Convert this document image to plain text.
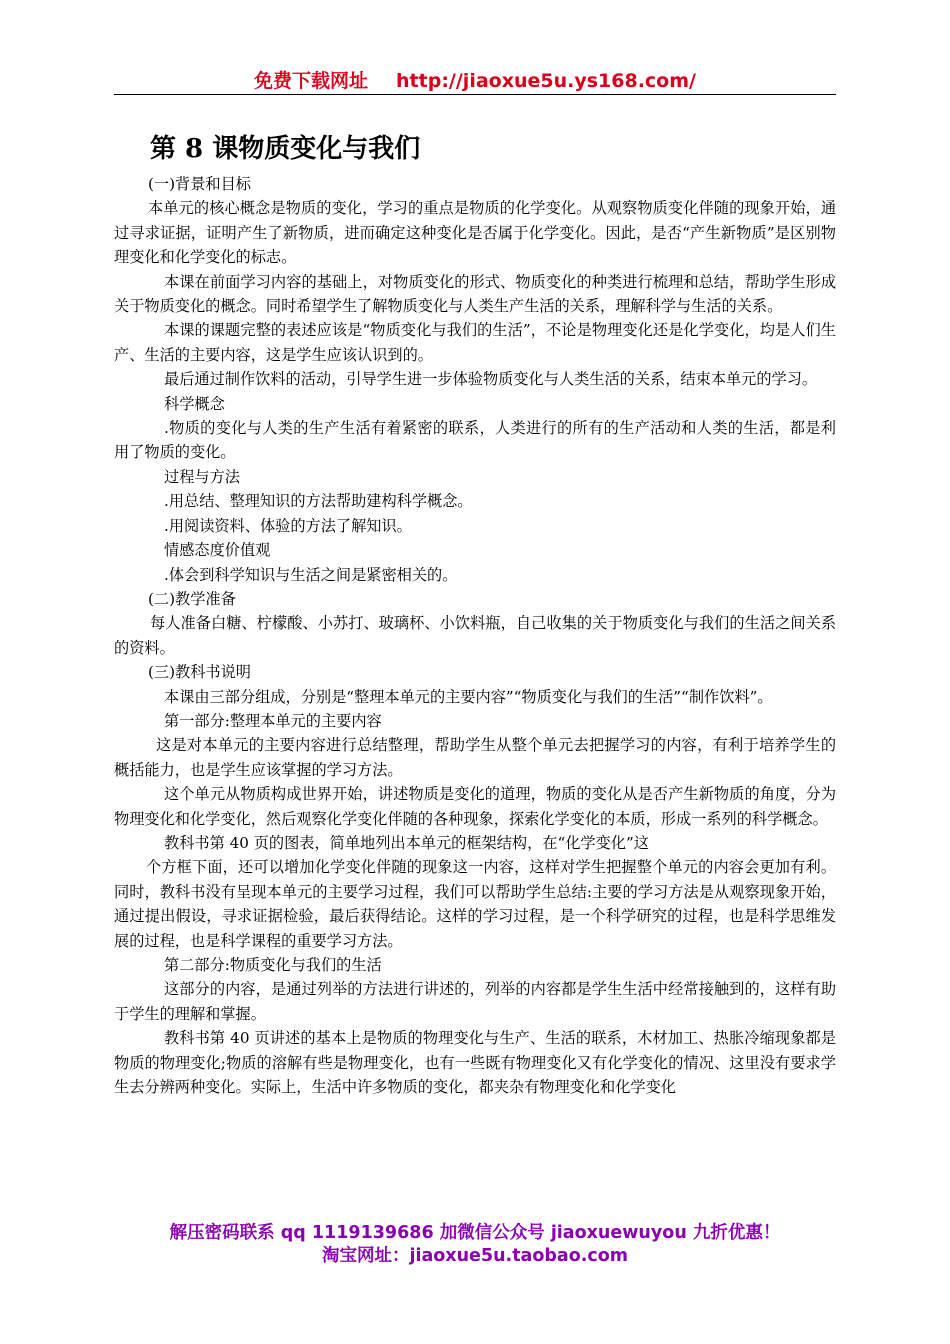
免费下载网址 http://jiaoxue5u.ys168.com/
第 8 课物质变化与我们

(一)背景和目标

本单元的核心概念是物质的变化，学习的重点是物质的化学变化。从观察物质变化伴随的现象开始，通过寻求证据，证明产生了新物质，进而确定这种变化是否属于化学变化。因此，是否“产生新物质”是区别物理变化和化学变化的标志。

本课在前面学习内容的基础上，对物质变化的形式、物质变化的种类进行梳理和总结，帮助学生形成关于物质变化的概念。同时希望学生了解物质变化与人类生产生活的关系，理解科学与生活的关系。

本课的课题完整的表述应该是“物质变化与我们的生活”，不论是物理变化还是化学变化，均是人们生产、生活的主要内容，这是学生应该认识到的。

最后通过制作饮料的活动，引导学生进一步体验物质变化与人类生活的关系，结束本单元的学习。

科学概念

.物质的变化与人类的生产生活有着紧密的联系，人类进行的所有的生产活动和人类的生活，都是利用了物质的变化。

过程与方法

.用总结、整理知识的方法帮助建构科学概念。

.用阅读资料、体验的方法了解知识。

情感态度价值观

.体会到科学知识与生活之间是紧密相关的。

(二)教学准备

每人准备白糖、柠檬酸、小苏打、玻璃杯、小饮料瓶，自己收集的关于物质变化与我们的生活之间关系的资料。

(三)教科书说明

本课由三部分组成，分别是“整理本单元的主要内容”“物质变化与我们的生活”“制作饮料”。

第一部分:整理本单元的主要内容

这是对本单元的主要内容进行总结整理，帮助学生从整个单元去把握学习的内容，有利于培养学生的概括能力，也是学生应该掌握的学习方法。

这个单元从物质构成世界开始，讲述物质是变化的道理，物质的变化从是否产生新物质的角度，分为物理变化和化学变化，然后观察化学变化伴随的各种现象，探索化学变化的本质，形成一系列的科学概念。

教科书第 40 页的图表，简单地列出本单元的框架结构，在“化学变化”这

个方框下面，还可以增加化学变化伴随的现象这一内容，这样对学生把握整个单元的内容会更加有利。同时，教科书没有呈现本单元的主要学习过程，我们可以帮助学生总结:主要的学习方法是从观察现象开始，通过提出假设，寻求证据检验，最后获得结论。这样的学习过程，是一个科学研究的过程，也是科学思维发展的过程，也是科学课程的重要学习方法。

第二部分:物质变化与我们的生活

这部分的内容，是通过列举的方法进行讲述的，列举的内容都是学生生活中经常接触到的，这样有助于学生的理解和掌握。

教科书第 40 页讲述的基本上是物质的物理变化与生产、生活的联系，木材加工、热胀冷缩现象都是物质的物理变化;物质的溶解有些是物理变化，也有一些既有物理变化又有化学变化的情况、这里没有要求学生去分辨两种变化。实际上，生活中许多物质的变化，都夹杂有物理变化和化学变化

解压密码联系 qq 1119139686 加微信公众号 jiaoxuewuyou 九折优惠！
淘宝网址：jiaoxue5u.taobao.com
